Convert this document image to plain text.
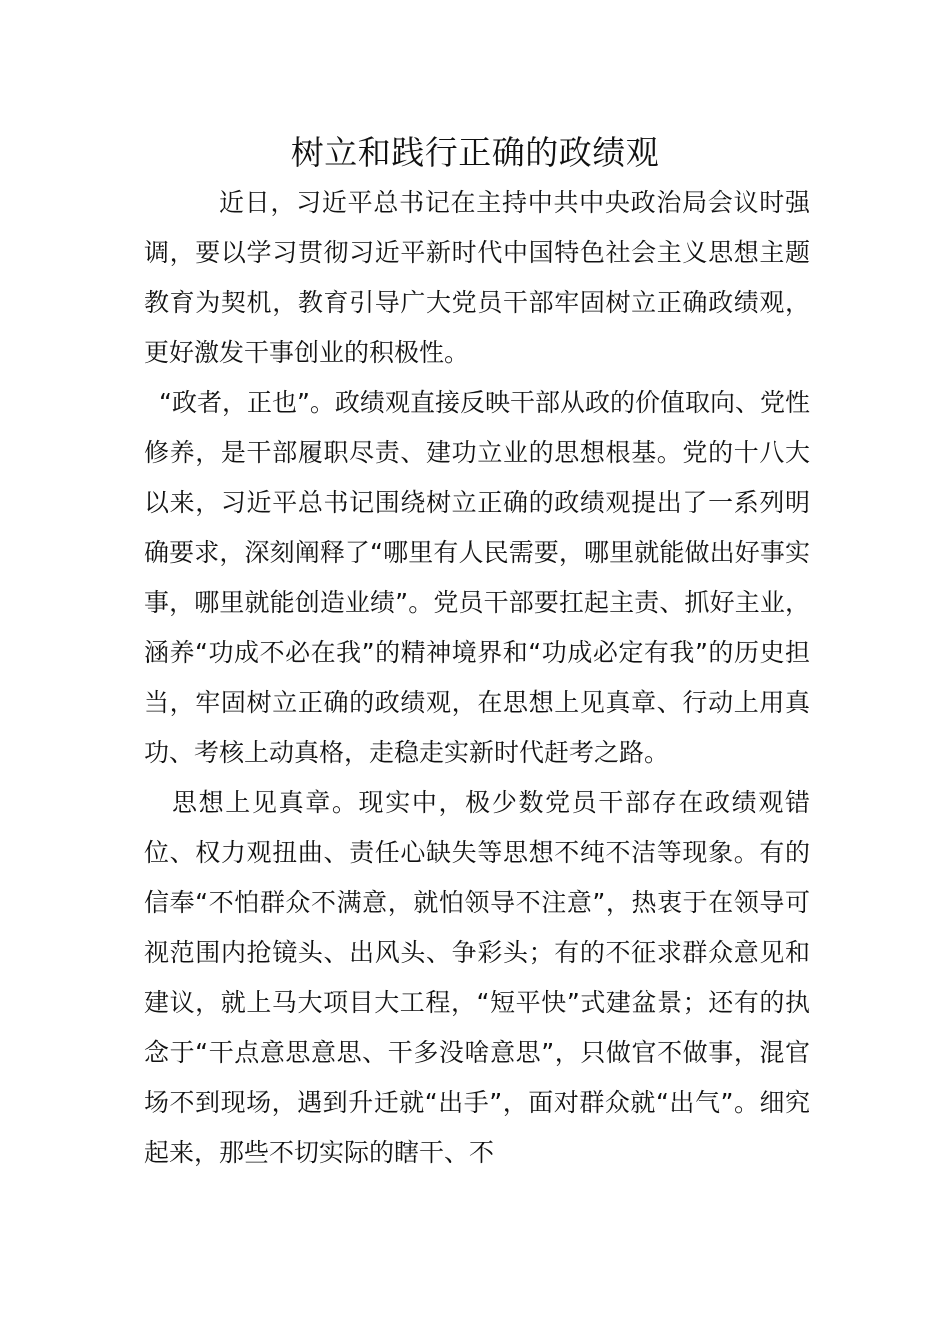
树立和践行正确的政绩观

近日，习近平总书记在主持中共中央政治局会议时强调，要以学习贯彻习近平新时代中国特色社会主义思想主题教育为契机，教育引导广大党员干部牢固树立正确政绩观，更好激发干事创业的积极性。

“政者，正也”。政绩观直接反映干部从政的价值取向、党性修养，是干部履职尽责、建功立业的思想根基。党的十八大以来，习近平总书记围绕树立正确的政绩观提出了一系列明确要求，深刻阐释了“哪里有人民需要，哪里就能做出好事实事，哪里就能创造业绩”。党员干部要扛起主责、抓好主业，涵养“功成不必在我”的精神境界和“功成必定有我”的历史担当，牢固树立正确的政绩观，在思想上见真章、行动上用真功、考核上动真格，走稳走实新时代赶考之路。

思想上见真章。现实中，极少数党员干部存在政绩观错位、权力观扭曲、责任心缺失等思想不纯不洁等现象。有的信奉“不怕群众不满意，就怕领导不注意”，热衷于在领导可视范围内抢镜头、出风头、争彩头；有的不征求群众意见和建议，就上马大项目大工程，“短平快”式建盆景；还有的执念于“干点意思意思、干多没啥意思”，只做官不做事，混官场不到现场，遇到升迁就“出手”，面对群众就“出气”。细究起来，那些不切实际的瞎干、不
